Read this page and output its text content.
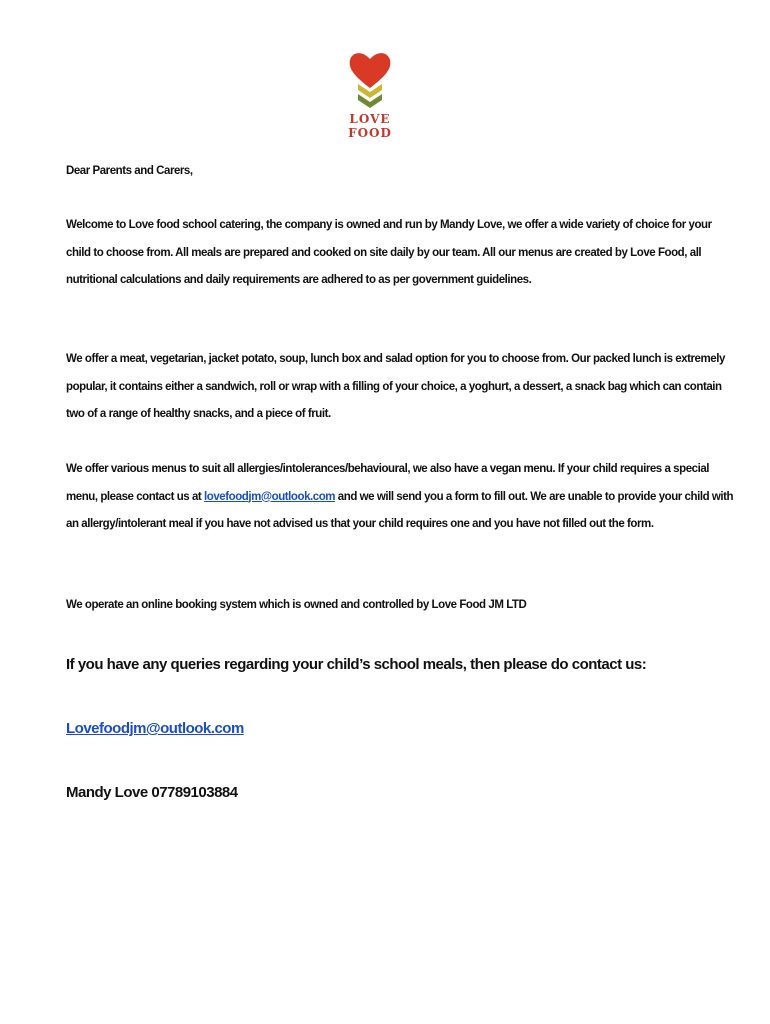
LOVE FOOD

Dear Parents and Carers,

Welcome to Love food school catering, the company is owned and run by Mandy Love, we offer a wide variety of choice for your child to choose from. All meals are prepared and cooked on site daily by our team. All our menus are created by Love Food, all nutritional calculations and daily requirements are adhered to as per government guidelines.

We offer a meat, vegetarian, jacket potato, soup, lunch box and salad option for you to choose from. Our packed lunch is extremely popular, it contains either a sandwich, roll or wrap with a filling of your choice, a yoghurt, a dessert, a snack bag which can contain two of a range of healthy snacks, and a piece of fruit.

We offer various menus to suit all allergies/intolerances/behavioural, we also have a vegan menu. If your child requires a special menu, please contact us at lovefoodjm@outlook.com and we will send you a form to fill out. We are unable to provide your child with an allergy/intolerant meal if you have not advised us that your child requires one and you have not filled out the form.

We operate an online booking system which is owned and controlled by Love Food JM LTD

If you have any queries regarding your child’s school meals, then please do contact us:

Lovefoodjm@outlook.com

Mandy Love 07789103884
